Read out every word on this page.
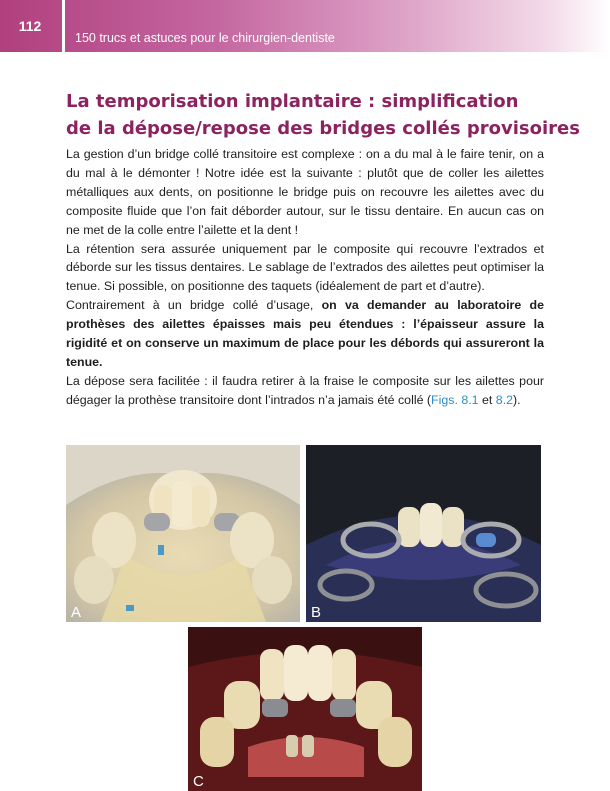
112
150 trucs et astuces pour le chirurgien-dentiste
La temporisation implantaire : simplification
de la dépose/repose des bridges collés provisoires

La gestion d’un bridge collé transitoire est complexe : on a du mal à le faire tenir, on a du mal à le démonter ! Notre idée est la suivante : plutôt que de coller les ailettes métalliques aux dents, on positionne le bridge puis on recouvre les ailettes avec du composite fluide que l’on fait déborder autour, sur le tissu dentaire. En aucun cas on ne met de la colle entre l’ailette et la dent !

La rétention sera assurée uniquement par le composite qui recouvre l’extrados et déborde sur les tissus dentaires. Le sablage de l’extrados des ailettes peut optimiser la tenue. Si possible, on positionne des taquets (idéalement de part et d’autre).

Contrairement à un bridge collé d’usage, on va demander au laboratoire de prothèses des ailettes épaisses mais peu étendues : l’épaisseur assure la rigidité et on conserve un maximum de place pour les débords qui assureront la tenue.

La dépose sera facilitée : il faudra retirer à la fraise le composite sur les ailettes pour dégager la prothèse transitoire dont l’intrados n’a jamais été collé (Figs. 8.1 et 8.2).

A	B
C
